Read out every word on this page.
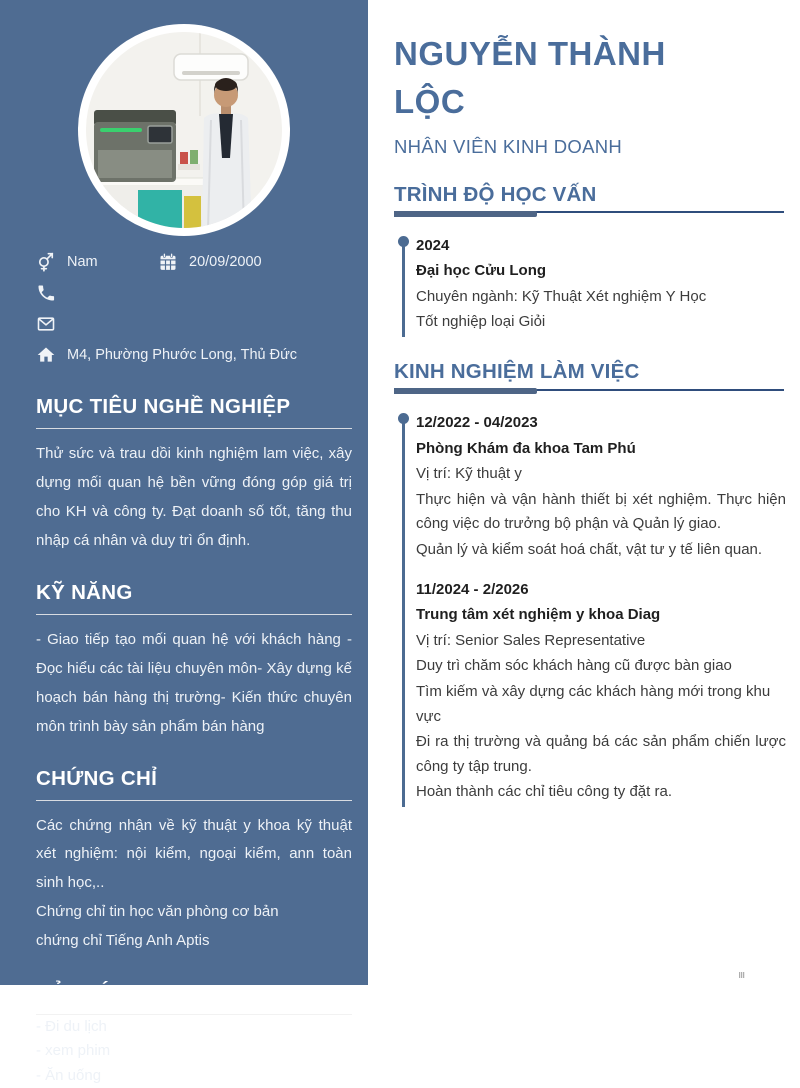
Nam	20/09/2000
M4, Phường Phước Long, Thủ Đức
MỤC TIÊU NGHỀ NGHIỆP

Thử sức và trau dồi kinh nghiệm lam việc, xây dựng mối quan hệ bền vững đóng góp giá trị cho KH và công ty. Đạt doanh số tốt, tăng thu nhập cá nhân và duy trì ổn định.

KỸ NĂNG

- Giao tiếp tạo mối quan hệ với khách hàng - Đọc hiểu các tài liệu chuyên môn- Xây dựng kế hoạch bán hàng thị trường- Kiến thức chuyên môn trình bày sản phẩm bán hàng

CHỨNG CHỈ

Các chứng nhận về kỹ thuật y khoa kỹ thuật xét nghiệm: nội kiểm, ngoại kiểm, ann toàn sinh học,..

Chứng chỉ tin học văn phòng cơ bản

chứng chỉ Tiếng Anh Aptis

SỞ THÍCH

- Đi du lịch

- xem phim

- Ăn uống

NGUYỄN THÀNH LỘC
NHÂN VIÊN KINH DOANH
TRÌNH ĐỘ HỌC VẤN

2024

Đại học Cửu Long

Chuyên ngành: Kỹ Thuật Xét nghiệm Y Học

Tốt nghiệp loại Giỏi

KINH NGHIỆM LÀM VIỆC

12/2022 - 04/2023

Phòng Khám đa khoa Tam Phú

Vị trí: Kỹ thuật y

Thực hiện và vận hành thiết bị xét nghiệm. Thực hiện công việc do trưởng bộ phận và Quản lý giao.

Quản lý và kiểm soát hoá chất, vật tư y tế liên quan.

11/2024 - 2/2026

Trung tâm xét nghiệm y khoa Diag

Vị trí: Senior Sales Representative

Duy trì chăm sóc khách hàng cũ được bàn giao

Tìm kiếm và xây dựng các khách hàng mới trong khu vực

Đi ra thị trường và quảng bá các sản phẩm chiến lược công ty tập trung.

Hoàn thành các chỉ tiêu công ty đặt ra.
